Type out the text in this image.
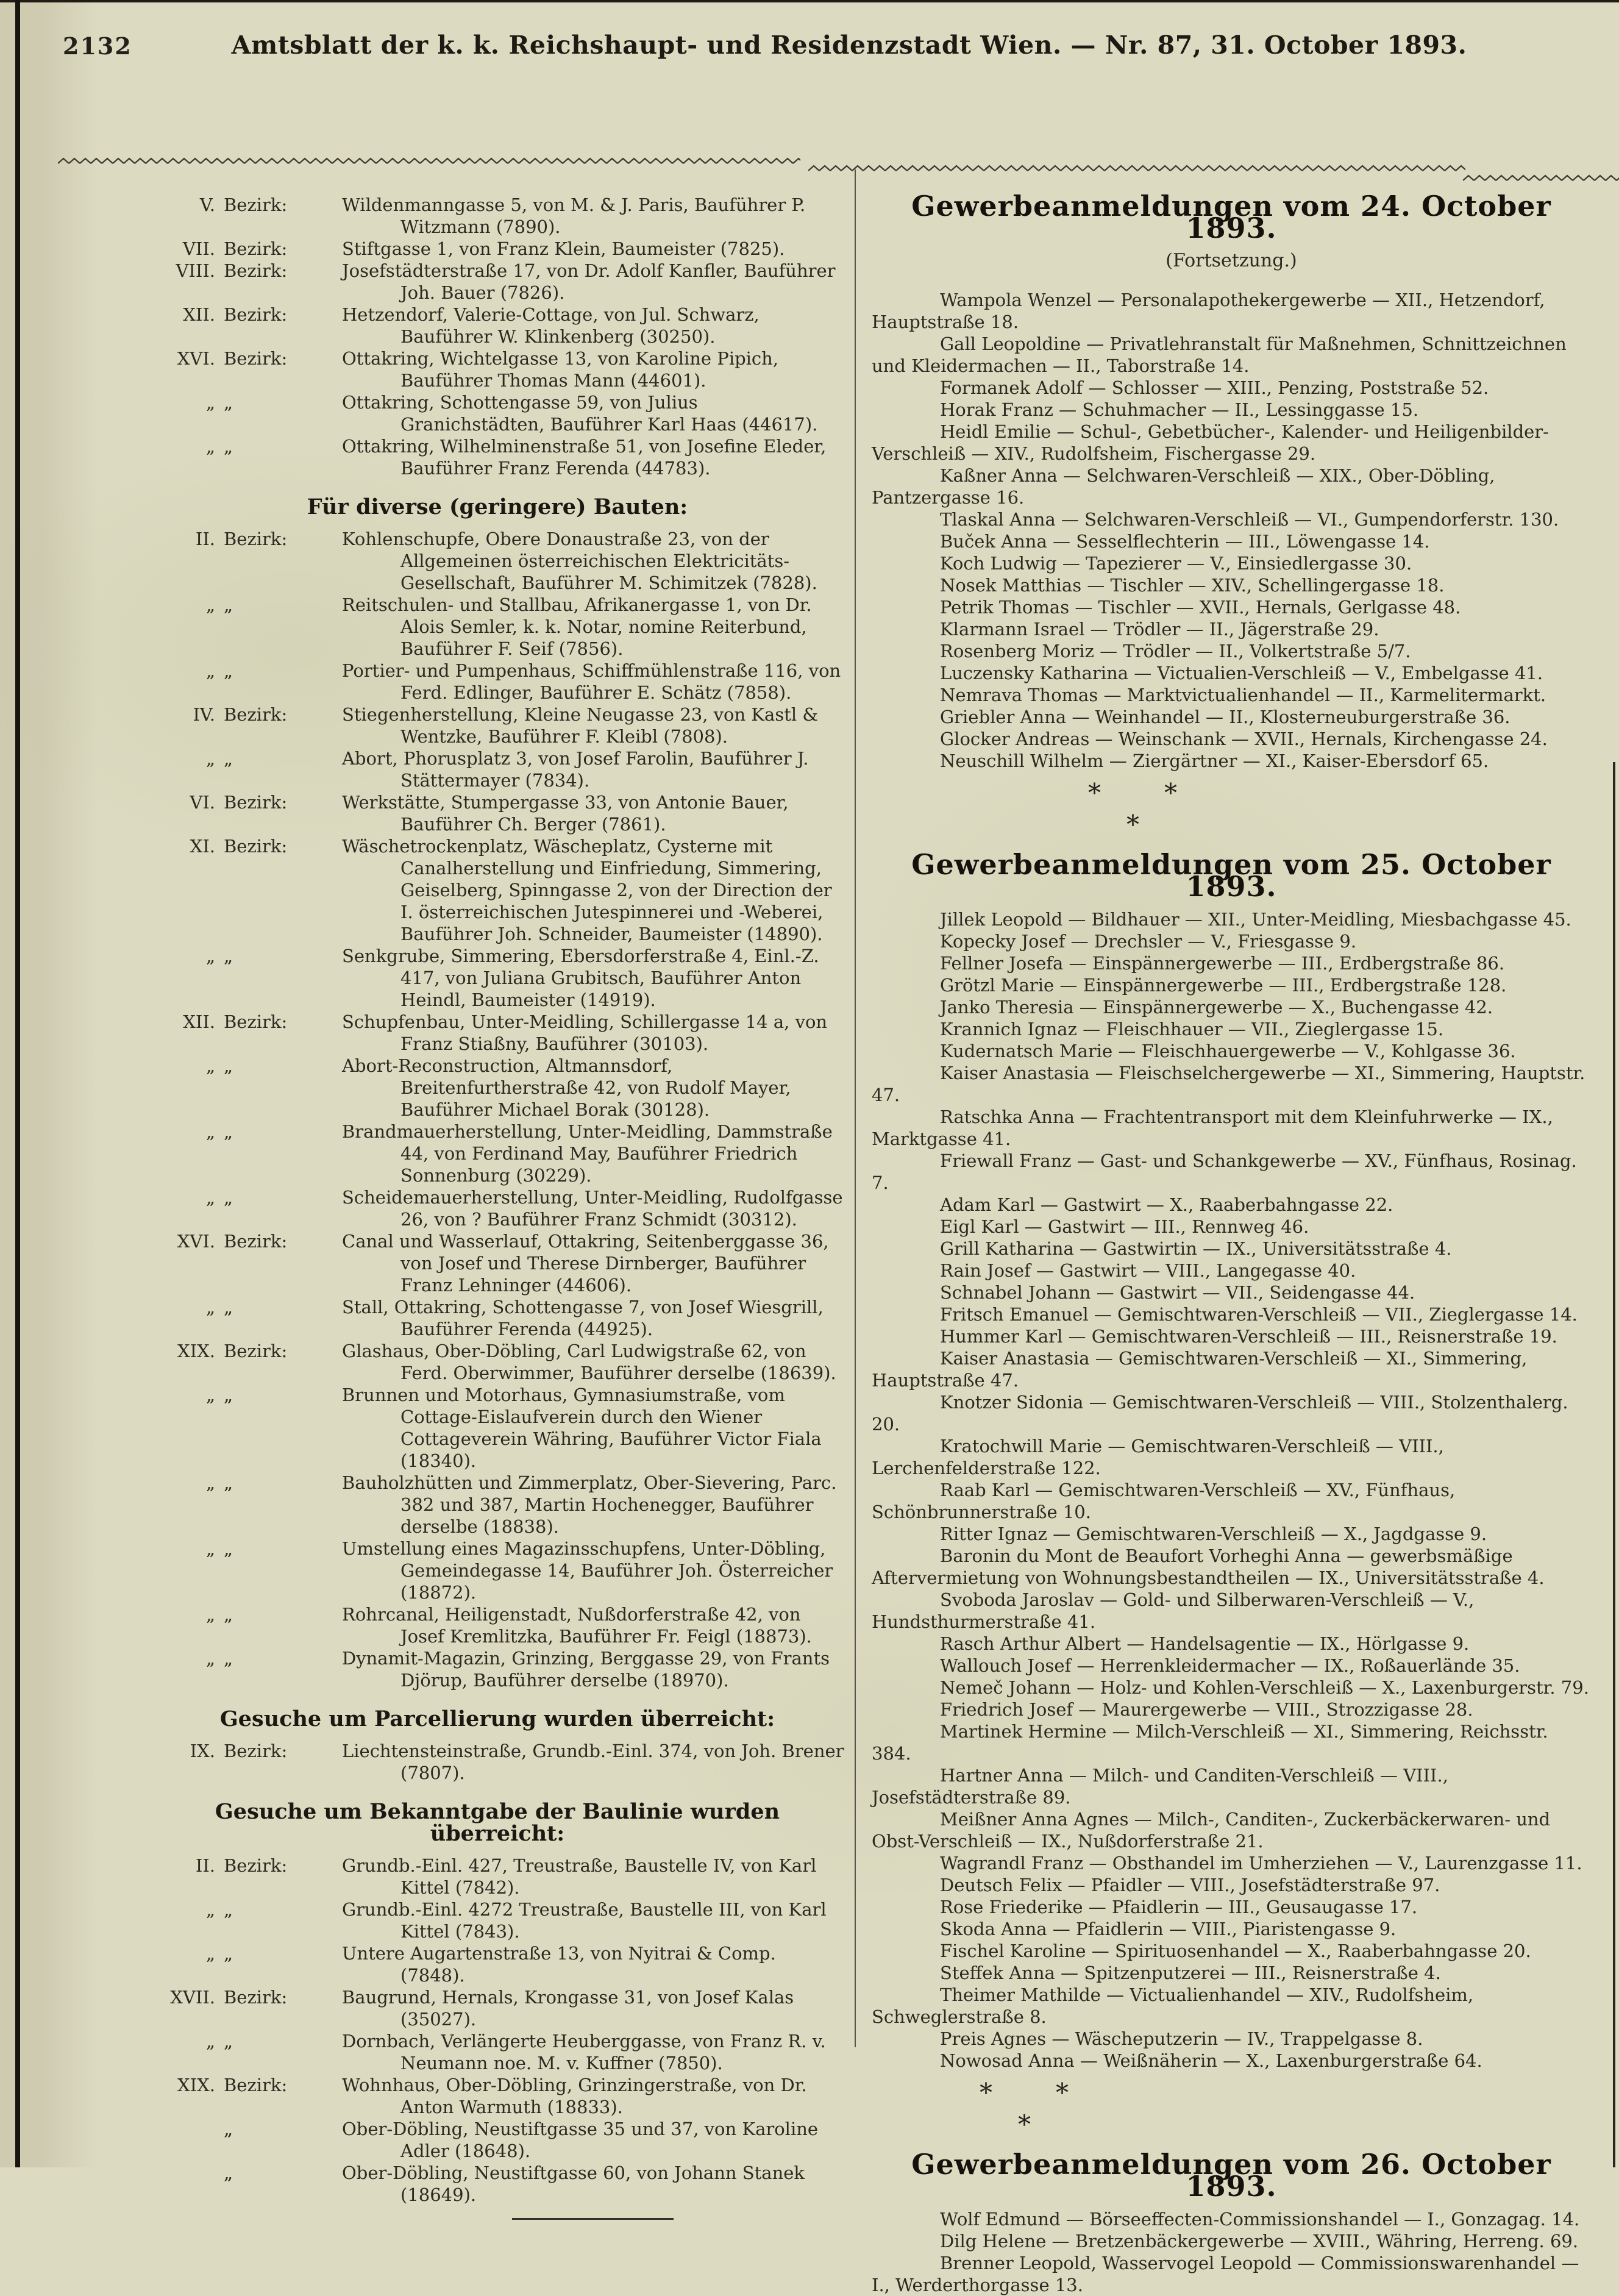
2132	Amtsblatt der k. k. Reichshaupt- und Residenzstadt Wien. — Nr. 87, 31. October 1893.
V. Bezirk:	Wildenmanngasse 5, von M. & J. Paris, Bauführer P. Witzmann (7890).
VII. Bezirk:	Stiftgasse 1, von Franz Klein, Baumeister (7825).
VIII. Bezirk:	Josefstädterstraße 17, von Dr. Adolf Kanfler, Bauführer Joh. Bauer (7826).
XII. Bezirk:	Hetzendorf, Valerie-Cottage, von Jul. Schwarz, Bauführer W. Klinkenberg (30250).
XVI. Bezirk:	Ottakring, Wichtelgasse 13, von Karoline Pipich, Bauführer Thomas Mann (44601).
„ „	Ottakring, Schottengasse 59, von Julius Granichstädten, Bauführer Karl Haas (44617).
„ „	Ottakring, Wilhelminenstraße 51, von Josefine Eleder, Bauführer Franz Ferenda (44783).
Für diverse (geringere) Bauten:
II. Bezirk:	Kohlenschupfe, Obere Donaustraße 23, von der Allgemeinen österreichischen Elektricitäts-Gesellschaft, Bauführer M. Schimitzek (7828).
„ „	Reitschulen- und Stallbau, Afrikanergasse 1, von Dr. Alois Semler, k. k. Notar, nomine Reiterbund, Bauführer F. Seif (7856).
„ „	Portier- und Pumpenhaus, Schiffmühlenstraße 116, von Ferd. Edlinger, Bauführer E. Schätz (7858).
IV. Bezirk:	Stiegenherstellung, Kleine Neugasse 23, von Kastl & Wentzke, Bauführer F. Kleibl (7808).
„ „	Abort, Phorusplatz 3, von Josef Farolin, Bauführer J. Stättermayer (7834).
VI. Bezirk:	Werkstätte, Stumpergasse 33, von Antonie Bauer, Bauführer Ch. Berger (7861).
XI. Bezirk:	Wäschetrockenplatz, Wäscheplatz, Cysterne mit Canalherstellung und Einfriedung, Simmering, Geiselberg, Spinngasse 2, von der Direction der I. österreichischen Jutespinnerei und -Weberei, Bauführer Joh. Schneider, Baumeister (14890).
„ „	Senkgrube, Simmering, Ebersdorferstraße 4, Einl.-Z. 417, von Juliana Grubitsch, Bauführer Anton Heindl, Baumeister (14919).
XII. Bezirk:	Schupfenbau, Unter-Meidling, Schillergasse 14 a, von Franz Stiaßny, Bauführer (30103).
„ „	Abort-Reconstruction, Altmannsdorf, Breitenfurtherstraße 42, von Rudolf Mayer, Bauführer Michael Borak (30128).
„ „	Brandmauerherstellung, Unter-Meidling, Dammstraße 44, von Ferdinand May, Bauführer Friedrich Sonnenburg (30229).
„ „	Scheidemauerherstellung, Unter-Meidling, Rudolfgasse 26, von ? Bauführer Franz Schmidt (30312).
XVI. Bezirk:	Canal und Wasserlauf, Ottakring, Seitenberggasse 36, von Josef und Therese Dirnberger, Bauführer Franz Lehninger (44606).
„ „	Stall, Ottakring, Schottengasse 7, von Josef Wiesgrill, Bauführer Ferenda (44925).
XIX. Bezirk:	Glashaus, Ober-Döbling, Carl Ludwigstraße 62, von Ferd. Oberwimmer, Bauführer derselbe (18639).
„ „	Brunnen und Motorhaus, Gymnasiumstraße, vom Cottage-Eislaufverein durch den Wiener Cottageverein Währing, Bauführer Victor Fiala (18340).
„ „	Bauholzhütten und Zimmerplatz, Ober-Sievering, Parc. 382 und 387, Martin Hochenegger, Bauführer derselbe (18838).
„ „	Umstellung eines Magazinsschupfens, Unter-Döbling, Gemeindegasse 14, Bauführer Joh. Österreicher (18872).
„ „	Rohrcanal, Heiligenstadt, Nußdorferstraße 42, von Josef Kremlitzka, Bauführer Fr. Feigl (18873).
„ „	Dynamit-Magazin, Grinzing, Berggasse 29, von Frants Djörup, Bauführer derselbe (18970).
Gesuche um Parcellierung wurden überreicht:
IX. Bezirk:	Liechtensteinstraße, Grundb.-Einl. 374, von Joh. Brener (7807).
Gesuche um Bekanntgabe der Baulinie wurden überreicht:
II. Bezirk:	Grundb.-Einl. 427, Treustraße, Baustelle IV, von Karl Kittel (7842).
„ „	Grundb.-Einl. 4272 Treustraße, Baustelle III, von Karl Kittel (7843).
„ „	Untere Augartenstraße 13, von Nyitrai & Comp. (7848).
XVII. Bezirk:	Baugrund, Hernals, Krongasse 31, von Josef Kalas (35027).
„ „	Dornbach, Verlängerte Heuberggasse, von Franz R. v. Neumann noe. M. v. Kuffner (7850).
XIX. Bezirk:	Wohnhaus, Ober-Döbling, Grinzingerstraße, von Dr. Anton Warmuth (18833).
„	Ober-Döbling, Neustiftgasse 35 und 37, von Karoline Adler (18648).
„	Ober-Döbling, Neustiftgasse 60, von Johann Stanek (18649).
Gewerbeanmeldungen vom 24. October 1893.
(Fortsetzung.)

Wampola Wenzel — Personalapothekergewerbe — XII., Hetzendorf, Hauptstraße 18.

Gall Leopoldine — Privatlehranstalt für Maßnehmen, Schnittzeichnen und Kleidermachen — II., Taborstraße 14.

Formanek Adolf — Schlosser — XIII., Penzing, Poststraße 52.

Horak Franz — Schuhmacher — II., Lessinggasse 15.

Heidl Emilie — Schul-, Gebetbücher-, Kalender- und Heiligenbilder-Verschleiß — XIV., Rudolfsheim, Fischergasse 29.

Kaßner Anna — Selchwaren-Verschleiß — XIX., Ober-Döbling, Pantzergasse 16.

Tlaskal Anna — Selchwaren-Verschleiß — VI., Gumpendorferstr. 130.

Buček Anna — Sesselflechterin — III., Löwengasse 14.

Koch Ludwig — Tapezierer — V., Einsiedlergasse 30.

Nosek Matthias — Tischler — XIV., Schellingergasse 18.

Petrik Thomas — Tischler — XVII., Hernals, Gerlgasse 48.

Klarmann Israel — Trödler — II., Jägerstraße 29.

Rosenberg Moriz — Trödler — II., Volkertstraße 5/7.

Luczensky Katharina — Victualien-Verschleiß — V., Embelgasse 41.

Nemrava Thomas — Marktvictualienhandel — II., Karmelitermarkt.

Griebler Anna — Weinhandel — II., Klosterneuburgerstraße 36.

Glocker Andreas — Weinschank — XVII., Hernals, Kirchengasse 24.

Neuschill Wilhelm — Ziergärtner — XI., Kaiser-Ebersdorf 65.

* *
*
Gewerbeanmeldungen vom 25. October 1893.

Jillek Leopold — Bildhauer — XII., Unter-Meidling, Miesbachgasse 45.

Kopecky Josef — Drechsler — V., Friesgasse 9.

Fellner Josefa — Einspännergewerbe — III., Erdbergstraße 86.

Grötzl Marie — Einspännergewerbe — III., Erdbergstraße 128.

Janko Theresia — Einspännergewerbe — X., Buchengasse 42.

Krannich Ignaz — Fleischhauer — VII., Zieglergasse 15.

Kudernatsch Marie — Fleischhauergewerbe — V., Kohlgasse 36.

Kaiser Anastasia — Fleischselchergewerbe — XI., Simmering, Hauptstr. 47.

Ratschka Anna — Frachtentransport mit dem Kleinfuhrwerke — IX., Marktgasse 41.

Friewall Franz — Gast- und Schankgewerbe — XV., Fünfhaus, Rosinag. 7.

Adam Karl — Gastwirt — X., Raaberbahngasse 22.

Eigl Karl — Gastwirt — III., Rennweg 46.

Grill Katharina — Gastwirtin — IX., Universitätsstraße 4.

Rain Josef — Gastwirt — VIII., Langegasse 40.

Schnabel Johann — Gastwirt — VII., Seidengasse 44.

Fritsch Emanuel — Gemischtwaren-Verschleiß — VII., Zieglergasse 14.

Hummer Karl — Gemischtwaren-Verschleiß — III., Reisnerstraße 19.

Kaiser Anastasia — Gemischtwaren-Verschleiß — XI., Simmering, Hauptstraße 47.

Knotzer Sidonia — Gemischtwaren-Verschleiß — VIII., Stolzenthalerg. 20.

Kratochwill Marie — Gemischtwaren-Verschleiß — VIII., Lerchenfelderstraße 122.

Raab Karl — Gemischtwaren-Verschleiß — XV., Fünfhaus, Schönbrunnerstraße 10.

Ritter Ignaz — Gemischtwaren-Verschleiß — X., Jagdgasse 9.

Baronin du Mont de Beaufort Vorheghi Anna — gewerbsmäßige Aftervermietung von Wohnungsbestandtheilen — IX., Universitätsstraße 4.

Svoboda Jaroslav — Gold- und Silberwaren-Verschleiß — V., Hundsthurmerstraße 41.

Rasch Arthur Albert — Handelsagentie — IX., Hörlgasse 9.

Wallouch Josef — Herrenkleidermacher — IX., Roßauerlände 35.

Nemeč Johann — Holz- und Kohlen-Verschleiß — X., Laxenburgerstr. 79.

Friedrich Josef — Maurergewerbe — VIII., Strozzigasse 28.

Martinek Hermine — Milch-Verschleiß — XI., Simmering, Reichsstr. 384.

Hartner Anna — Milch- und Canditen-Verschleiß — VIII., Josefstädterstraße 89.

Meißner Anna Agnes — Milch-, Canditen-, Zuckerbäckerwaren- und Obst-Verschleiß — IX., Nußdorferstraße 21.

Wagrandl Franz — Obsthandel im Umherziehen — V., Laurenzgasse 11.

Deutsch Felix — Pfaidler — VIII., Josefstädterstraße 97.

Rose Friederike — Pfaidlerin — III., Geusaugasse 17.

Skoda Anna — Pfaidlerin — VIII., Piaristengasse 9.

Fischel Karoline — Spirituosenhandel — X., Raaberbahngasse 20.

Steffek Anna — Spitzenputzerei — III., Reisnerstraße 4.

Theimer Mathilde — Victualienhandel — XIV., Rudolfsheim, Schweglerstraße 8.

Preis Agnes — Wäscheputzerin — IV., Trappelgasse 8.

Nowosad Anna — Weißnäherin — X., Laxenburgerstraße 64.

* *
*
Gewerbeanmeldungen vom 26. October 1893.

Wolf Edmund — Börseeffecten-Commissionshandel — I., Gonzagag. 14.

Dilg Helene — Bretzenbäckergewerbe — XVIII., Währing, Herreng. 69.

Brenner Leopold, Wasservogel Leopold — Commissionswarenhandel — I., Werderthorgasse 13.
